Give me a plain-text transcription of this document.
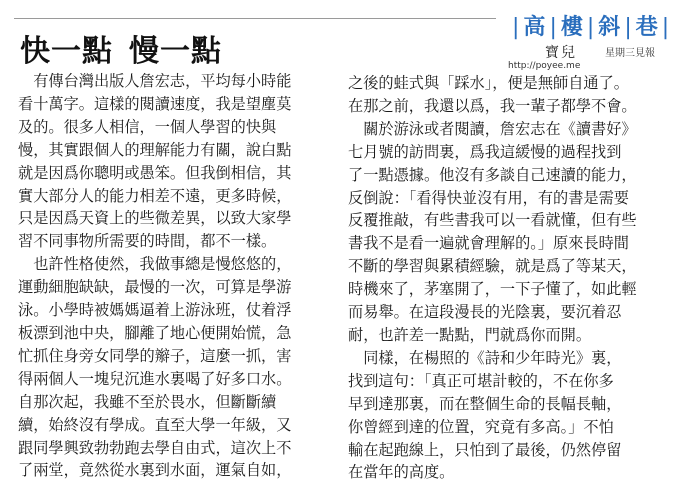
快一點 慢一點
|高|樓|斜|巷|
寶兒	星期三見報
http://poyee.me
　有傳台灣出版人詹宏志，平均每小時能
看十萬字。這樣的閱讀速度，我是望塵莫
及的。很多人相信，一個人學習的快與
慢，其實跟個人的理解能力有關，說白點
就是因爲你聰明或愚笨。但我倒相信，其
實大部分人的能力相差不遠，更多時候，
只是因爲天資上的些微差異，以致大家學
習不同事物所需要的時間，都不一樣。
　也許性格使然，我做事總是慢悠悠的，
運動細胞缺缺，最慢的一次，可算是學游
泳。小學時被媽媽逼着上游泳班，仗着浮
板漂到池中央，腳離了地心便開始慌，急
忙抓住身旁女同學的辮子，這麼一抓，害
得兩個人一塊兒沉進水裏喝了好多口水。
自那次起，我雖不至於畏水，但斷斷續
續，始終沒有學成。直至大學一年級，又
跟同學興致勃勃跑去學自由式，這次上不
了兩堂，竟然從水裏到水面，運氣自如，
之後的蛙式與「踩水」，便是無師自通了。
在那之前，我還以爲，我一輩子都學不會。
　關於游泳或者閱讀，詹宏志在《讀書好》
七月號的訪問裏，爲我這緩慢的過程找到
了一點憑據。他沒有多談自己速讀的能力，
反倒說：「看得快並沒有用，有的書是需要
反覆推敲，有些書我可以一看就懂，但有些
書我不是看一遍就會理解的。」原來長時間
不斷的學習與累積經驗，就是爲了等某天，
時機來了，茅塞開了，一下子懂了，如此輕
而易舉。在這段漫長的光陰裏，要沉着忍
耐，也許差一點點，門就爲你而開。
　同樣，在楊照的《詩和少年時光》裏，
找到這句：「真正可堪計較的，不在你多
早到達那裏，而在整個生命的長幅長軸，
你曾經到達的位置，究竟有多高。」不怕
輸在起跑線上，只怕到了最後，仍然停留
在當年的高度。
